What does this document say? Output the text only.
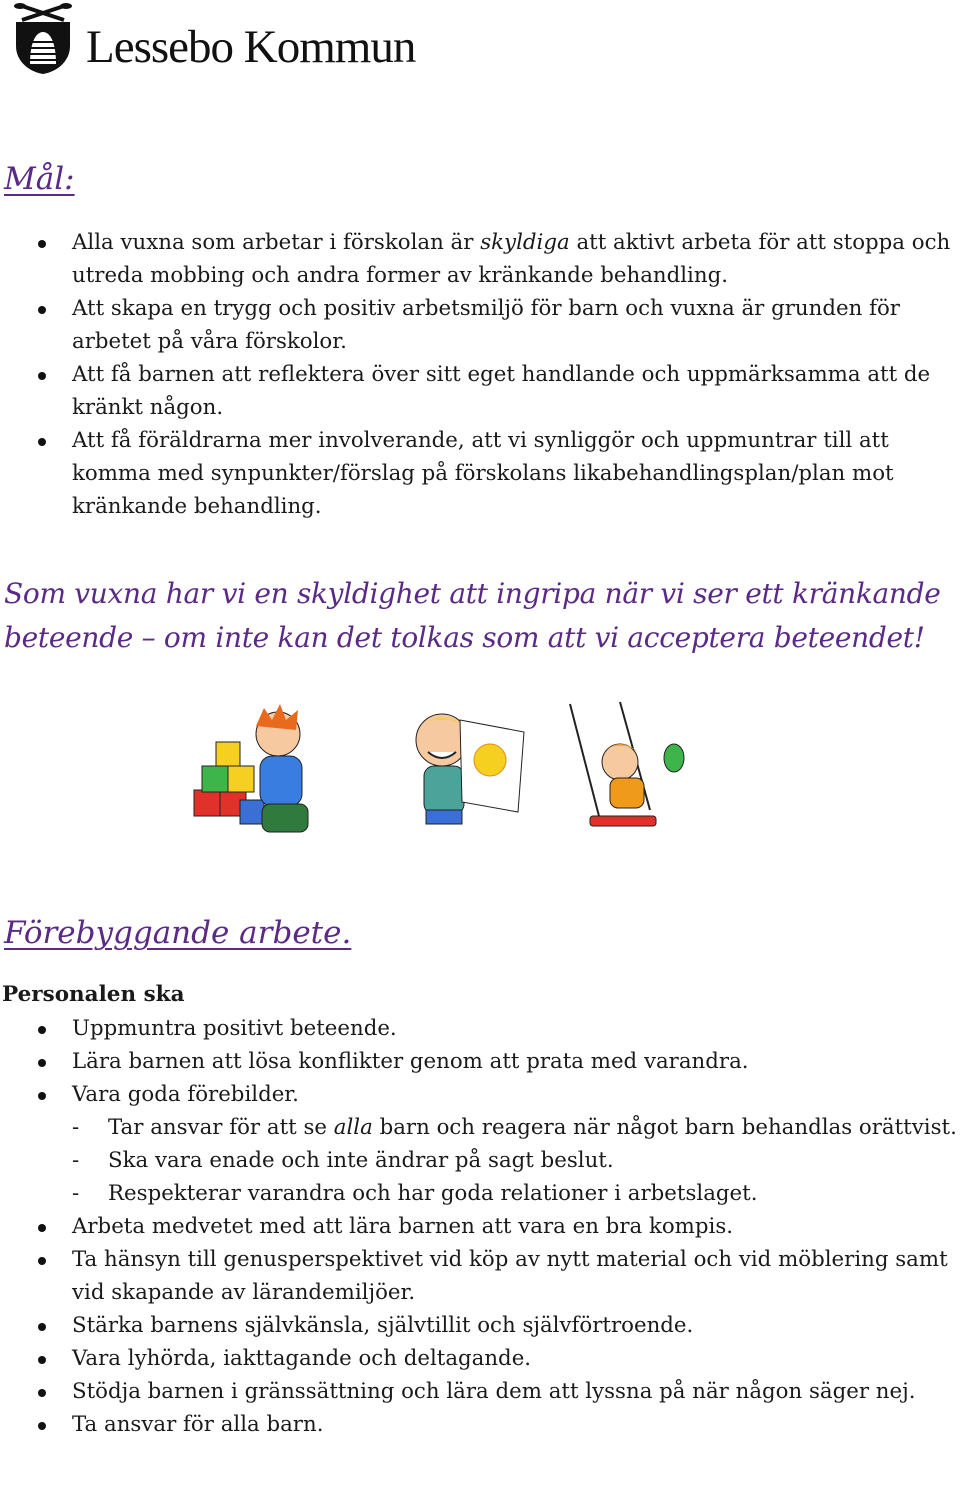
Lessebo Kommun
Mål:
Alla vuxna som arbetar i förskolan är skyldiga att aktivt arbeta för att stoppa och utreda mobbing och andra former av kränkande behandling.
Att skapa en trygg och positiv arbetsmiljö för barn och vuxna är grunden för arbetet på våra förskolor.
Att få barnen att reflektera över sitt eget handlande och uppmärksamma att de kränkt någon.
Att få föräldrarna mer involverande, att vi synliggör och uppmuntrar till att komma med synpunkter/förslag på förskolans likabehandlingsplan/plan mot kränkande behandling.
Som vuxna har vi en skyldighet att ingripa när vi ser ett kränkande beteende – om inte kan det tolkas som att vi acceptera beteendet!
Förebyggande arbete.
Personalen ska
Uppmuntra positivt beteende.
Lära barnen att lösa konflikter genom att prata med varandra.
Vara goda förebilder.
- Tar ansvar för att se alla barn och reagera när något barn behandlas orättvist.
- Ska vara enade och inte ändrar på sagt beslut.
- Respekterar varandra och har goda relationer i arbetslaget.
Arbeta medvetet med att lära barnen att vara en bra kompis.
Ta hänsyn till genusperspektivet vid köp av nytt material och vid möblering samt vid skapande av lärandemiljöer.
Stärka barnens självkänsla, självtillit och självförtroende.
Vara lyhörda, iakttagande och deltagande.
Stödja barnen i gränssättning och lära dem att lyssna på när någon säger nej.
Ta ansvar för alla barn.
